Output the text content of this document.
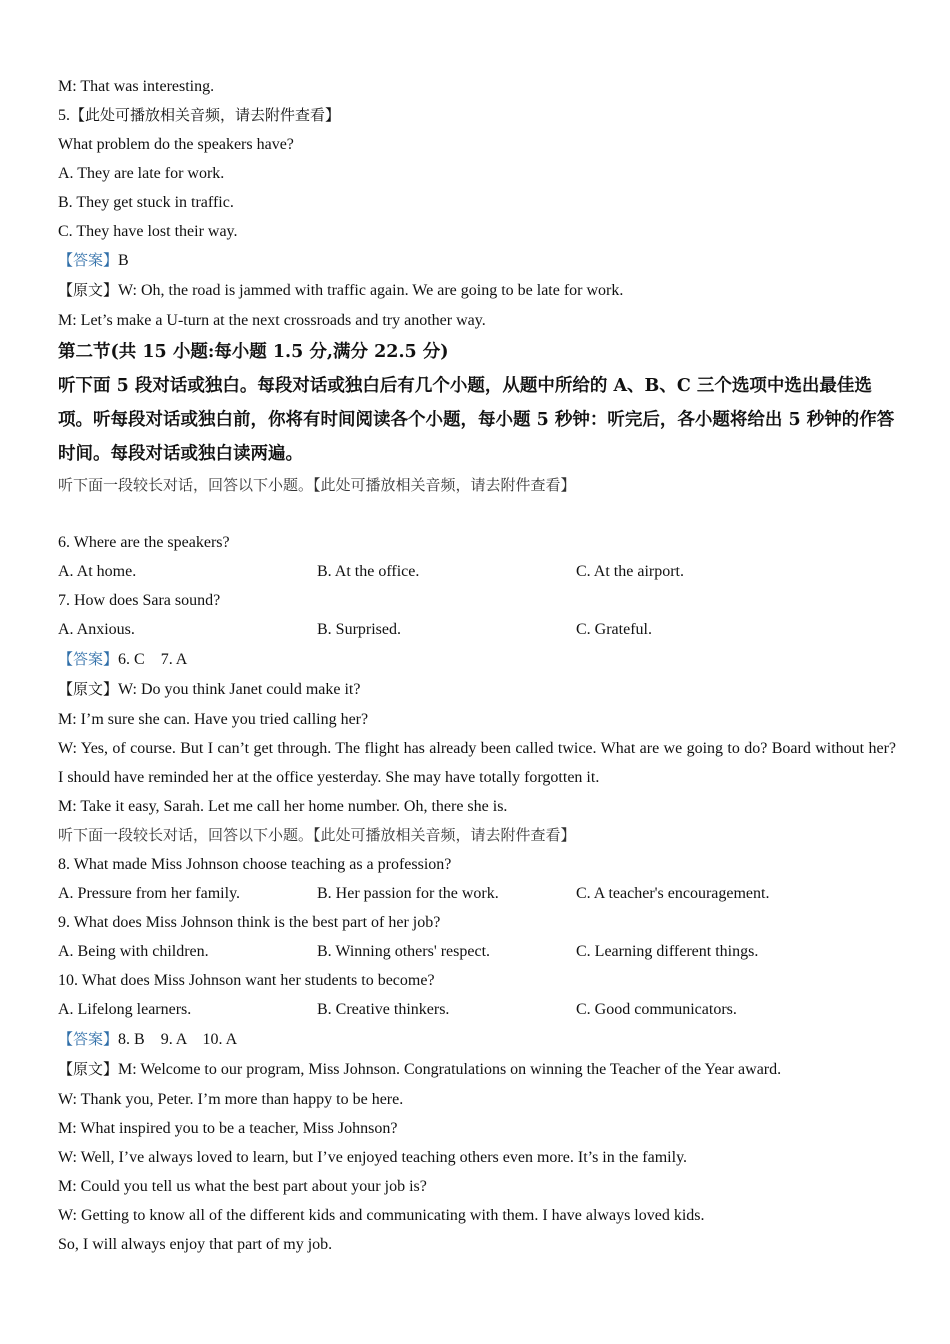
M: That was interesting.
5.【此处可播放相关音频，请去附件查看】
What problem do the speakers have?
A. They are late for work.
B. They get stuck in traffic.
C. They have lost their way.
【答案】B
【原文】W: Oh, the road is jammed with traffic again. We are going to be late for work.
M: Let’s make a U-turn at the next crossroads and try another way.
第二节(共 15 小题:每小题 1.5 分,满分 22.5 分)
听下面 5 段对话或独白。每段对话或独白后有几个小题，从题中所给的 A、B、C 三个选项中选出最佳选项。听每段对话或独白前，你将有时间阅读各个小题，每小题 5 秒钟：听完后，各小题将给出 5 秒钟的作答时间。每段对话或独白读两遍。
听下面一段较长对话，回答以下小题。【此处可播放相关音频，请去附件查看】
6. Where are the speakers?
A. At home.	B. At the office.	C. At the airport.
7. How does Sara sound?
A. Anxious.	B. Surprised.	C. Grateful.
【答案】6. C    7. A
【原文】W: Do you think Janet could make it?
M: I’m sure she can. Have you tried calling her?
W: Yes, of course. But I can’t get through. The flight has already been called twice. What are we going to do? Board without her? I should have reminded her at the office yesterday. She may have totally forgotten it.
M: Take it easy, Sarah. Let me call her home number. Oh, there she is.
听下面一段较长对话，回答以下小题。【此处可播放相关音频，请去附件查看】
8. What made Miss Johnson choose teaching as a profession?
A. Pressure from her family.	B. Her passion for the work.	C. A teacher's encouragement.
9. What does Miss Johnson think is the best part of her job?
A. Being with children.	B. Winning others' respect.	C. Learning different things.
10. What does Miss Johnson want her students to become?
A. Lifelong learners.	B. Creative thinkers.	C. Good communicators.
【答案】8. B    9. A    10. A
【原文】M: Welcome to our program, Miss Johnson. Congratulations on winning the Teacher of the Year award.
W: Thank you, Peter. I’m more than happy to be here.
M: What inspired you to be a teacher, Miss Johnson?
W: Well, I’ve always loved to learn, but I’ve enjoyed teaching others even more. It’s in the family.
M: Could you tell us what the best part about your job is?
W: Getting to know all of the different kids and communicating with them. I have always loved kids.
So, I will always enjoy that part of my job.
